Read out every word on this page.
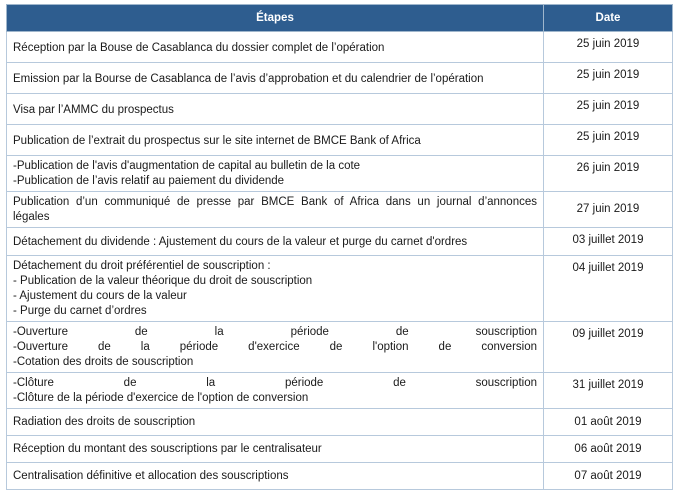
Étapes	Date

Réception par la Bouse de Casablanca du dossier complet de l’opération	25 juin 2019

Emission par la Bourse de Casablanca de l’avis d’approbation et du calendrier de l’opération	25 juin 2019

Visa par l’AMMC du prospectus	25 juin 2019

Publication de l’extrait du prospectus sur le site internet de BMCE Bank of Africa	25 juin 2019

-Publication de l'avis d'augmentation de capital au bulletin de la cote
-Publication de l’avis relatif au paiement du dividende	26 juin 2019

Publication d’un communiqué de presse par BMCE Bank of Africa dans un journal d’annonces
légales	27 juin 2019

Détachement du dividende : Ajustement du cours de la valeur et purge du carnet d'ordres	03 juillet 2019

Détachement du droit préférentiel de souscription :
- Publication de la valeur théorique du droit de souscription
- Ajustement du cours de la valeur
- Purge du carnet d’ordres	04 juillet 2019

-Ouverture de la période de souscription
-Ouverture de la période d'exercice de l'option de conversion
-Cotation des droits de souscription	09 juillet 2019

-Clôture de la période de souscription
-Clôture de la période d'exercice de l'option de conversion	31 juillet 2019

Radiation des droits de souscription	01 août 2019

Réception du montant des souscriptions par le centralisateur	06 août 2019

Centralisation définitive et allocation des souscriptions	07 août 2019
